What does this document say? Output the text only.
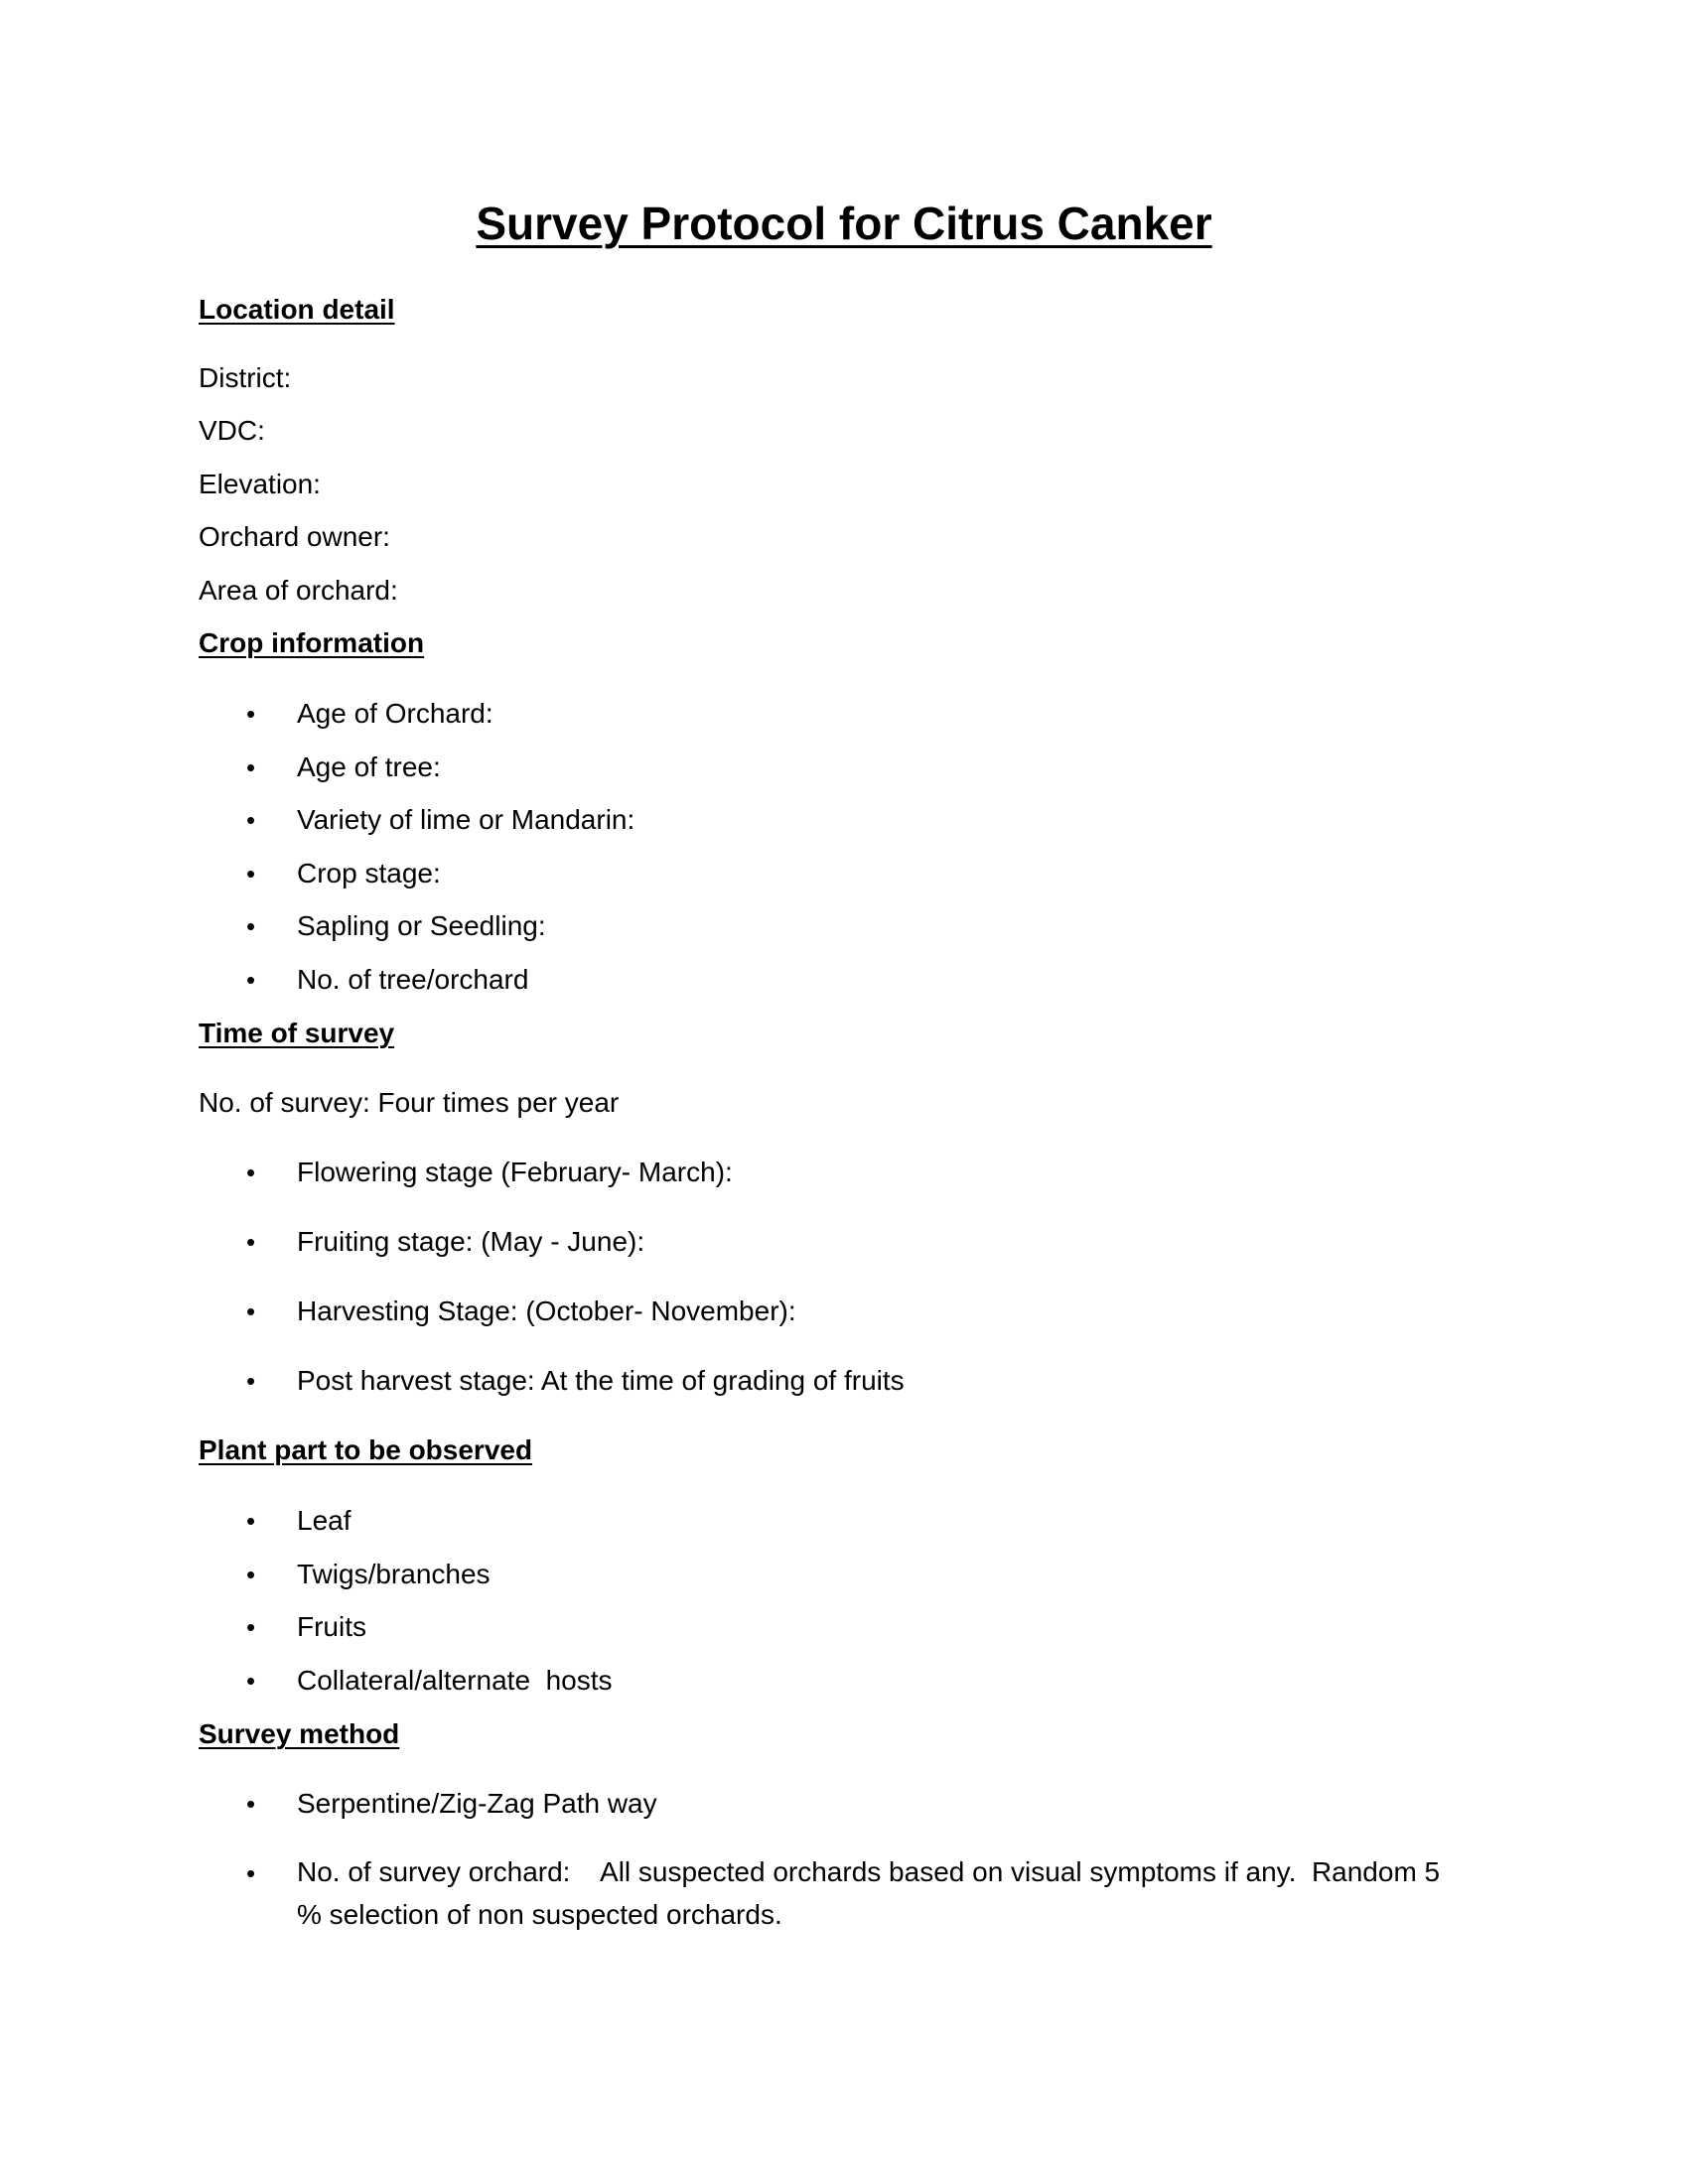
Survey Protocol for Citrus Canker
Location detail
District:
VDC:
Elevation:
Orchard owner:
Area of orchard:
Crop information
• Age of Orchard:
• Age of tree:
• Variety of lime or Mandarin:
• Crop stage:
• Sapling or Seedling:
• No. of tree/orchard
Time of survey
No. of survey: Four times per year
• Flowering stage (February- March):
• Fruiting stage: (May - June):
• Harvesting Stage: (October- November):
• Post harvest stage: At the time of grading of fruits
Plant part to be observed
• Leaf
• Twigs/branches
• Fruits
• Collateral/alternate  hosts
Survey method
• Serpentine/Zig-Zag Path way
• No. of survey orchard:    All suspected orchards based on visual symptoms if any.  Random 5  % selection of non suspected orchards.
